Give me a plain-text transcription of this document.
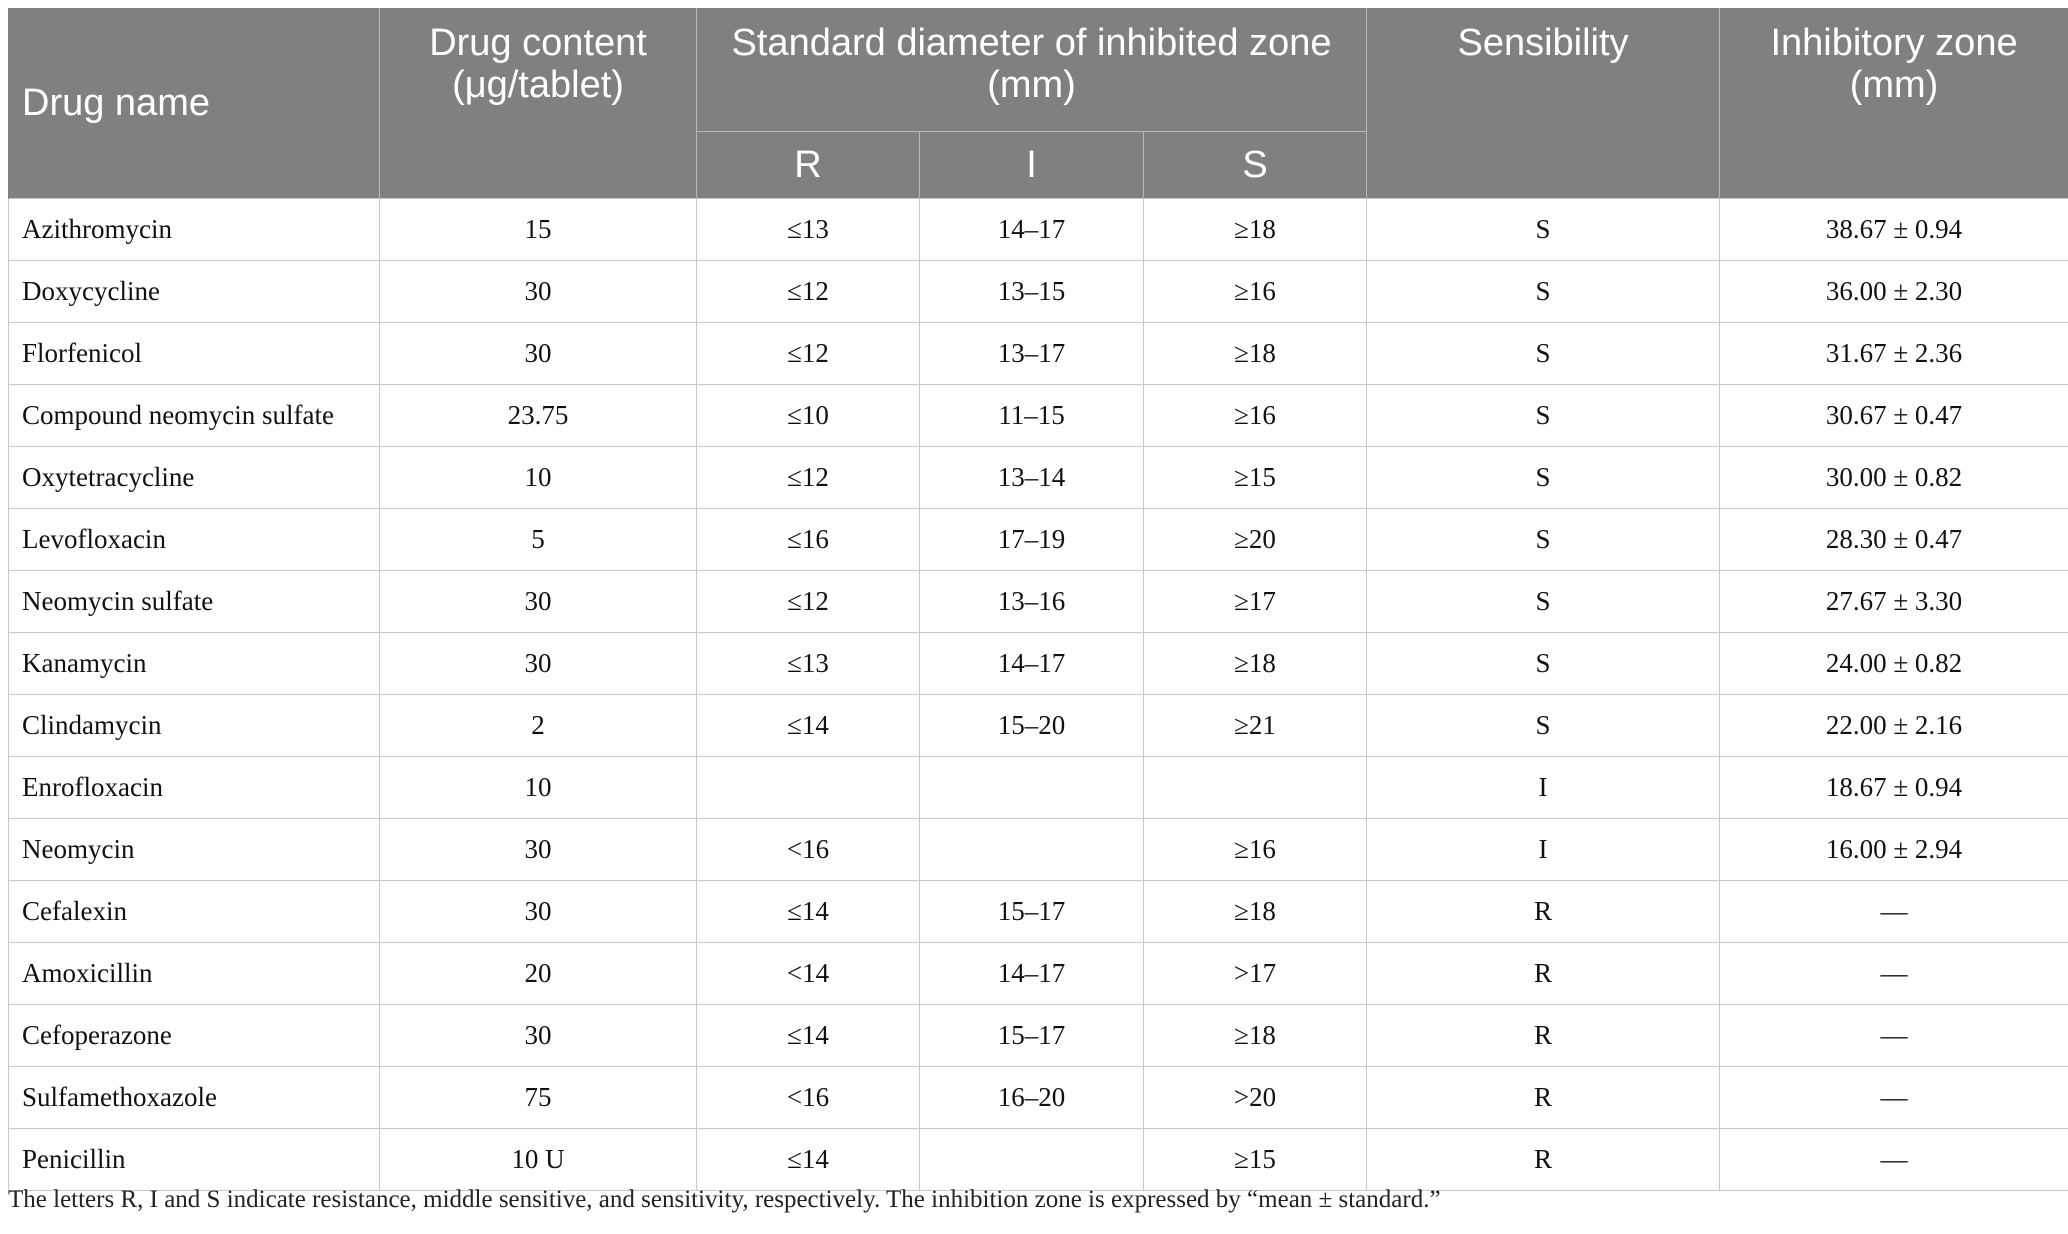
Drug name	Drug content (μg/tablet)	Standard diameter of inhibited zone (mm)			Sensibility	Inhibitory zone (mm)
		R	I	S		
Azithromycin	15	≤13	14–17	≥18	S	38.67 ± 0.94
Doxycycline	30	≤12	13–15	≥16	S	36.00 ± 2.30
Florfenicol	30	≤12	13–17	≥18	S	31.67 ± 2.36
Compound neomycin sulfate	23.75	≤10	11–15	≥16	S	30.67 ± 0.47
Oxytetracycline	10	≤12	13–14	≥15	S	30.00 ± 0.82
Levofloxacin	5	≤16	17–19	≥20	S	28.30 ± 0.47
Neomycin sulfate	30	≤12	13–16	≥17	S	27.67 ± 3.30
Kanamycin	30	≤13	14–17	≥18	S	24.00 ± 0.82
Clindamycin	2	≤14	15–20	≥21	S	22.00 ± 2.16
Enrofloxacin	10				I	18.67 ± 0.94
Neomycin	30	<16		≥16	I	16.00 ± 2.94
Cefalexin	30	≤14	15–17	≥18	R	—
Amoxicillin	20	<14	14–17	>17	R	—
Cefoperazone	30	≤14	15–17	≥18	R	—
Sulfamethoxazole	75	<16	16–20	>20	R	—
Penicillin	10 U	≤14		≥15	R	—
The letters R, I and S indicate resistance, middle sensitive, and sensitivity, respectively. The inhibition zone is expressed by “mean ± standard.”
